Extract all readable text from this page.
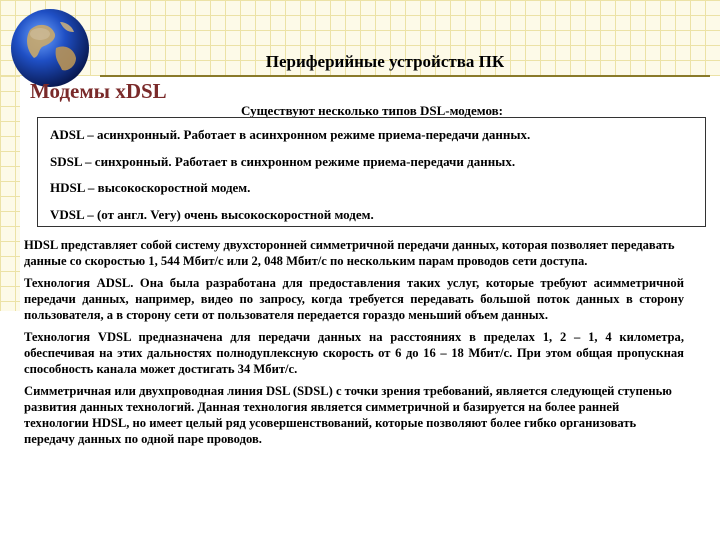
Периферийные устройства ПК
Модемы xDSL
Существуют несколько типов DSL-модемов:
ADSL – асинхронный. Работает в асинхронном режиме приема-передачи данных.
SDSL – синхронный. Работает в синхронном режиме приема-передачи данных.
HDSL – высокоскоростной модем.
VDSL – (от англ. Very) очень высокоскоростной модем.

HDSL представляет собой систему двухсторонней симметричной передачи данных, которая позволяет передавать данные со скоростью 1, 544 Мбит/с или 2, 048 Мбит/с по нескольким парам проводов сети доступа.

Технология ADSL. Она была разработана для предоставления таких услуг, которые требуют асимметричной передачи данных, например, видео по запросу, когда требуется передавать большой поток данных в сторону пользователя, а в сторону сети от пользователя передается гораздо меньший объем данных.

Технология VDSL предназначена для передачи данных на расстояниях в пределах 1, 2 – 1, 4 километра, обеспечивая на этих дальностях полнодуплексную скорость от 6 до 16 – 18 Мбит/с. При этом общая пропускная способность канала может достигать 34 Мбит/с.

Симметричная или двухпроводная линия DSL (SDSL) с точки зрения требований, является следующей ступенью развития данных технологий. Данная технология является симметричной и базируется на более ранней технологии HDSL, но имеет целый ряд усовершенствований, которые позволяют более гибко организовать передачу данных по одной паре проводов.
